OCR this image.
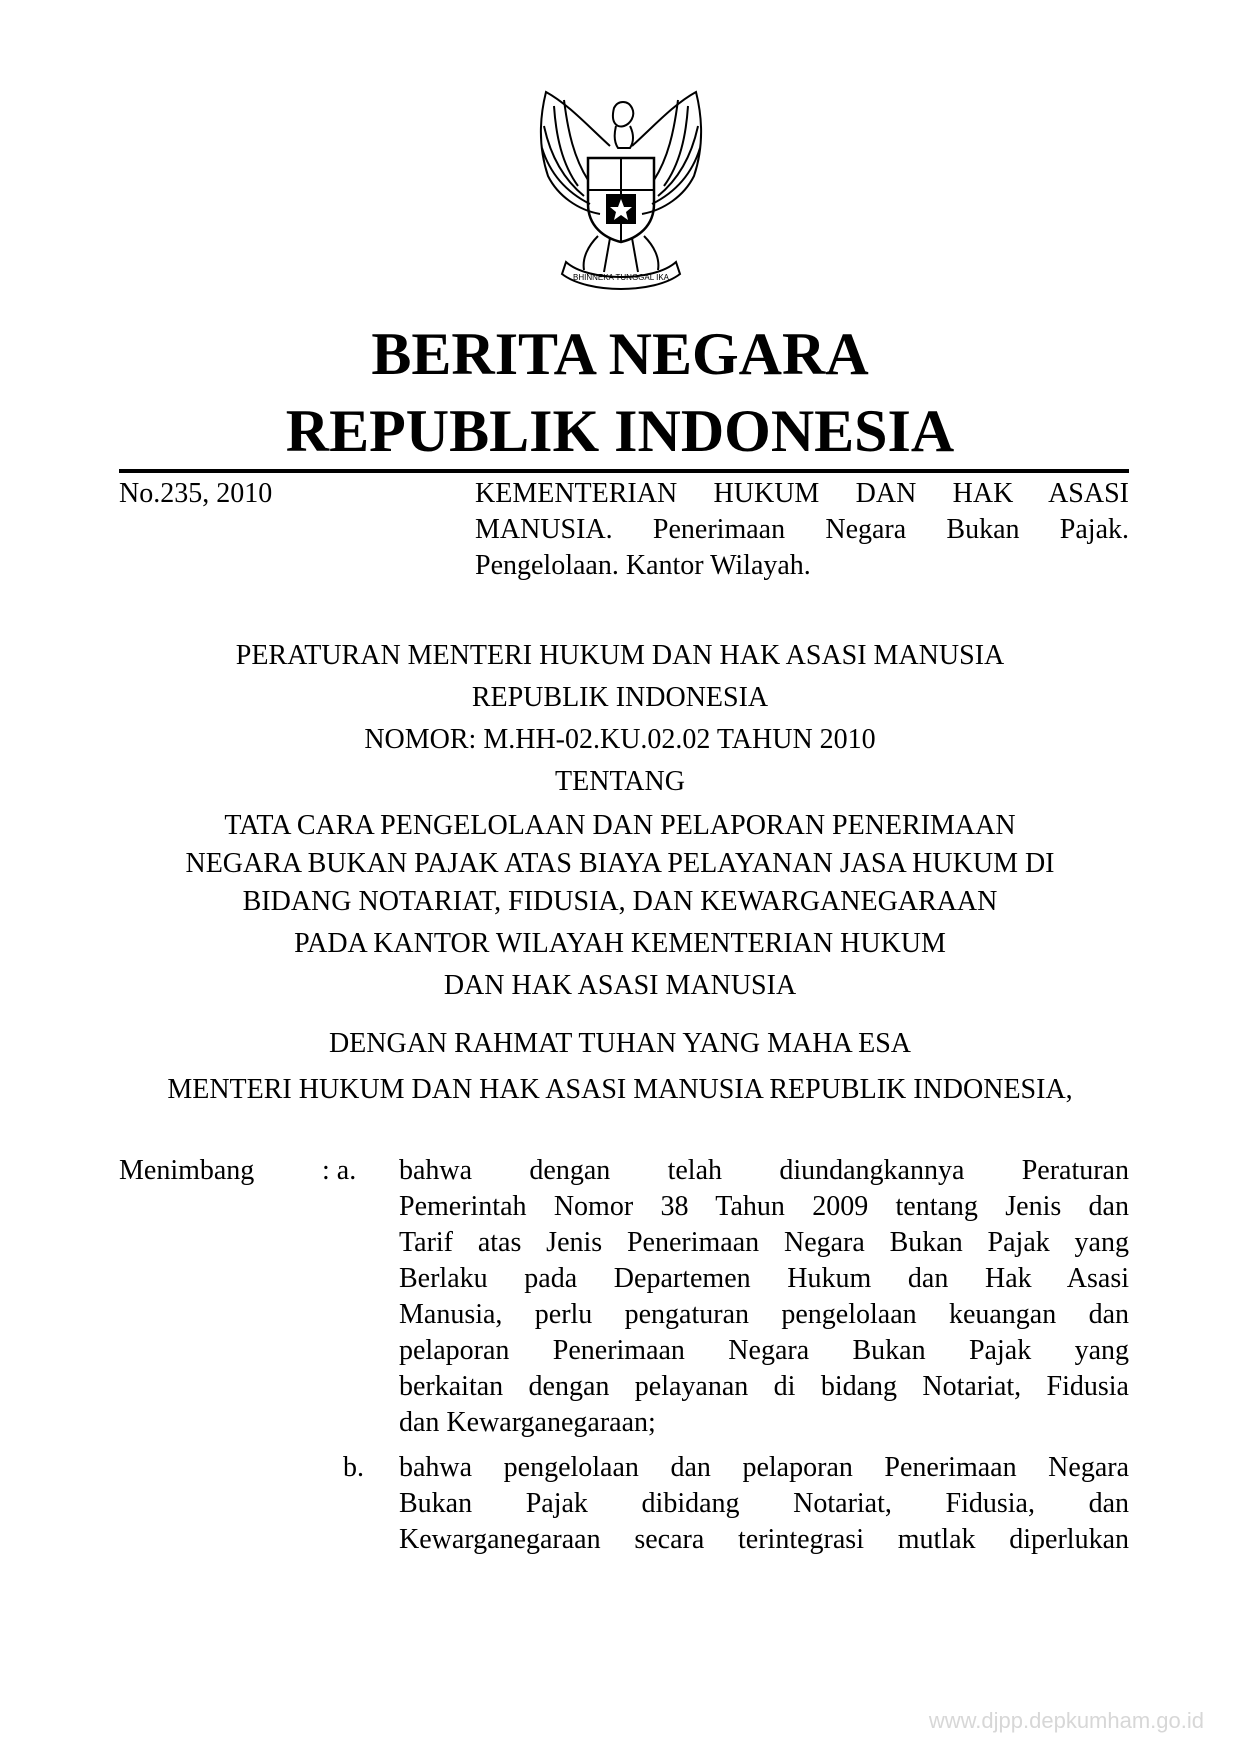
BHINNEKA TUNGGAL IKA
BERITA NEGARA
REPUBLIK INDONESIA
No.235, 2010	KEMENTERIAN HUKUM DAN HAK ASASI
MANUSIA. Penerimaan Negara Bukan Pajak.
Pengelolaan. Kantor Wilayah.
PERATURAN MENTERI HUKUM DAN HAK ASASI MANUSIA
REPUBLIK INDONESIA
NOMOR: M.HH-02.KU.02.02 TAHUN 2010
TENTANG
TATA CARA PENGELOLAAN DAN PELAPORAN PENERIMAAN
NEGARA BUKAN PAJAK ATAS BIAYA PELAYANAN JASA HUKUM DI
BIDANG NOTARIAT, FIDUSIA, DAN KEWARGANEGARAAN
PADA KANTOR WILAYAH KEMENTERIAN HUKUM
DAN HAK ASASI MANUSIA
DENGAN RAHMAT TUHAN YANG MAHA ESA
MENTERI HUKUM DAN HAK ASASI MANUSIA REPUBLIK INDONESIA,
Menimbang : a. bahwa dengan telah diundangkannya Peraturan
Pemerintah Nomor 38 Tahun 2009 tentang Jenis dan
Tarif atas Jenis Penerimaan Negara Bukan Pajak yang
Berlaku pada Departemen Hukum dan Hak Asasi
Manusia, perlu pengaturan pengelolaan keuangan dan
pelaporan Penerimaan Negara Bukan Pajak yang
berkaitan dengan pelayanan di bidang Notariat, Fidusia
dan Kewarganegaraan;
b. bahwa pengelolaan dan pelaporan Penerimaan Negara
Bukan Pajak dibidang Notariat, Fidusia, dan
Kewarganegaraan secara terintegrasi mutlak diperlukan
www.djpp.depkumham.go.id
